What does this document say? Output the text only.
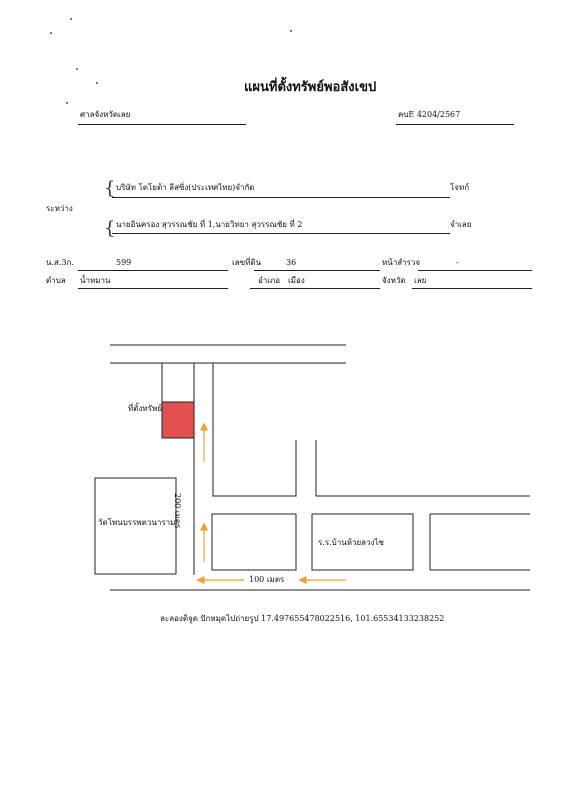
แผนที่ตั้งทรัพย์พอสังเขป
ศาลจังหวัดเลย	คบE 4204/2567
{
{
ระหว่าง
บริษัท โตโยต้า ลีสซิ่ง(ประเทศไทย)จำกัด	โจทก์
นายอินครอง สุวรรณชัย ที่ 1,นายวิทยา สุวรรณชัย ที่ 2	จำเลย
น.ส.3ก.	599	เลขที่ดิน	36	หน้าสำรวจ	-
ตำบล น้ำหมาน	อำเภอ เมือง	จังหวัด เลย
ที่ตั้งทรัพย์
วัดโพนบรรพตวนาราม
ร.ร.บ้านห้วยลวงไช
100 เมตร
200 เมตร
ละลองติจูด ปักหมุดไปถ่ายรูป 17.497655478022516, 101.65534133238252
